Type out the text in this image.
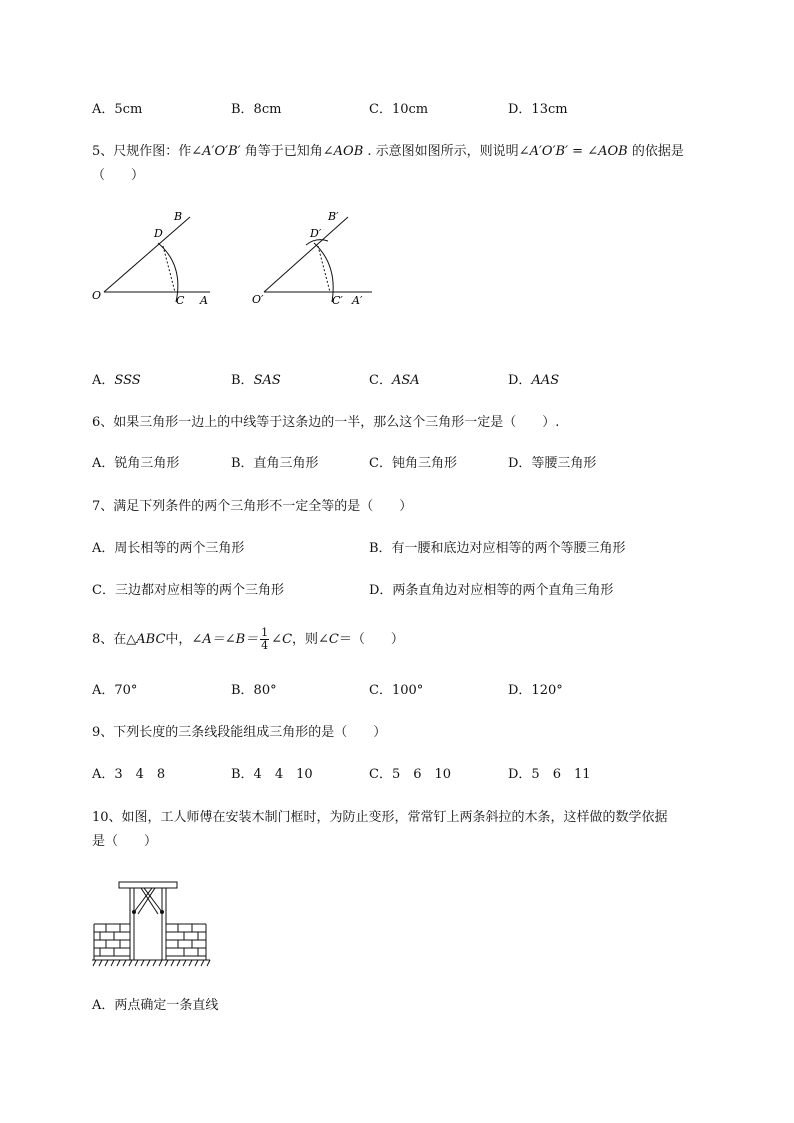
A．5cm	B．8cm	C．10cm	D．13cm
5、尺规作图：作∠A′O′B′ 角等于已知角∠AOB . 示意图如图所示，则说明∠A′O′B′ = ∠AOB 的依据是
（　　）
B
D
O	C A
B′
D′
O′	C′ A′
A．SSS	B．SAS	C．ASA	D．AAS
6、如果三角形一边上的中线等于这条边的一半，那么这个三角形一定是（　　）.
A．锐角三角形	B．直角三角形	C．钝角三角形	D．等腰三角形
7、满足下列条件的两个三角形不一定全等的是（　　）
A．周长相等的两个三角形	B．有一腰和底边对应相等的两个等腰三角形
C．三边都对应相等的两个三角形	D．两条直角边对应相等的两个直角三角形
8、在△ABC中，∠A＝∠B＝ $\frac{1}{4}$ ∠C，则∠C＝（　　）
A．70°	B．80°	C．100°	D．120°
9、下列长度的三条线段能组成三角形的是（　　）
A．3　4　8	B．4　4　10	C．5　6　10	D．5　6　11
10、如图，工人师傅在安装木制门框时，为防止变形，常常钉上两条斜拉的木条，这样做的数学依据
是（　　）
A．两点确定一条直线
